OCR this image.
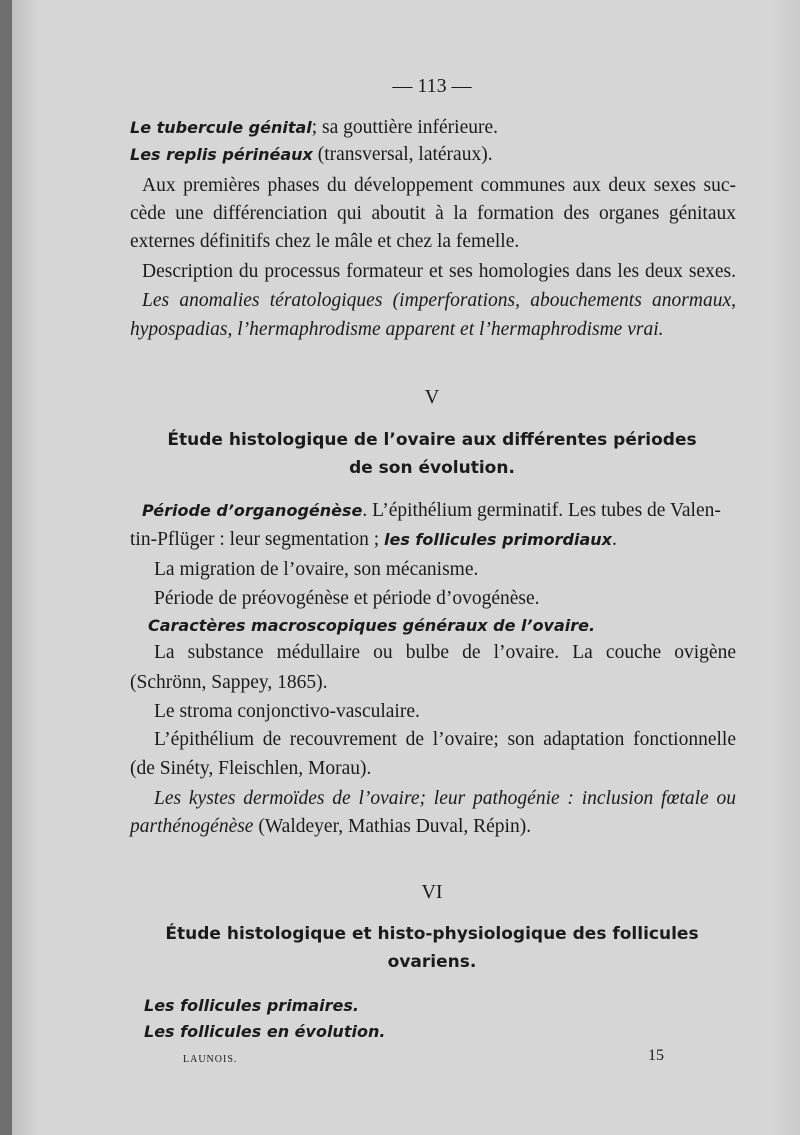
— 113 —
Le tubercule génital; sa gouttière inférieure.
Les replis périnéaux (transversal, latéraux).
Aux premières phases du développement communes aux deux sexes suc-
cède une différenciation qui aboutit à la formation des organes génitaux
externes définitifs chez le mâle et chez la femelle.
Description du processus formateur et ses homologies dans les deux sexes.
Les anomalies tératologiques (imperforations, abouchements anormaux,
hypospadias, l’hermaphrodisme apparent et l’hermaphrodisme vrai.
V
Étude histologique de l’ovaire aux différentes périodes
de son évolution.
Période d’organogénèse. L’épithélium germinatif. Les tubes de Valen-
tin-Pflüger : leur segmentation ; les follicules primordiaux.
La migration de l’ovaire, son mécanisme.
Période de préovogénèse et période d’ovogénèse.
Caractères macroscopiques généraux de l’ovaire.
La substance médullaire ou bulbe de l’ovaire. La couche ovigène
(Schrönn, Sappey, 1865).
Le stroma conjonctivo-vasculaire.
L’épithélium de recouvrement de l’ovaire; son adaptation fonctionnelle
(de Sinéty, Fleischlen, Morau).
Les kystes dermoïdes de l’ovaire; leur pathogénie : inclusion fœtale ou
parthénogénèse (Waldeyer, Mathias Duval, Répin).
VI
Étude histologique et histo-physiologique des follicules
ovariens.
Les follicules primaires.
Les follicules en évolution.
LAUNOIS.	15
